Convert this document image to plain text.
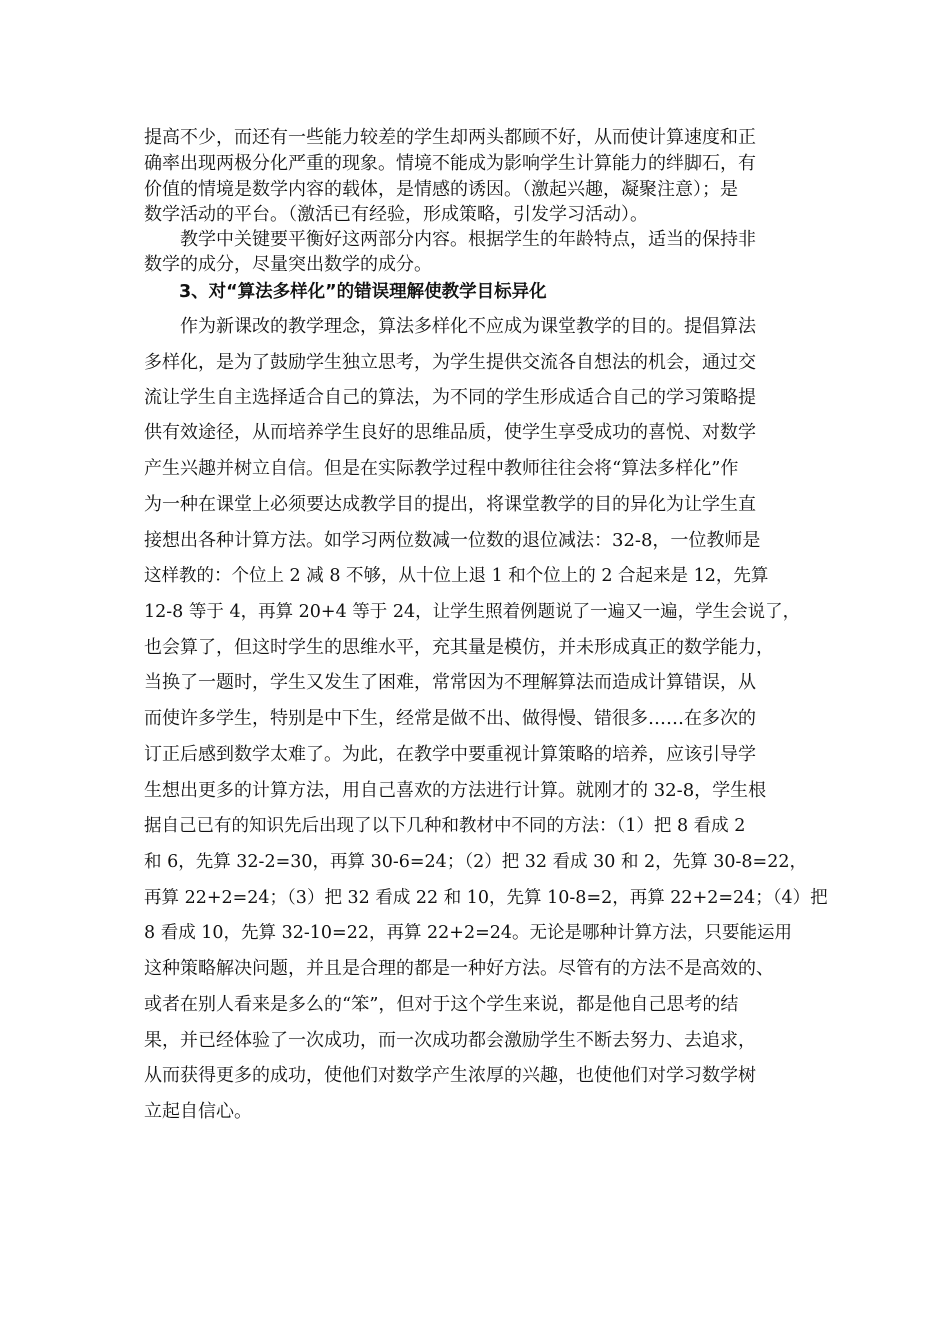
提高不少，而还有一些能力较差的学生却两头都顾不好，从而使计算速度和正
确率出现两极分化严重的现象。情境不能成为影响学生计算能力的绊脚石，有
价值的情境是数学内容的载体，是情感的诱因。（激起兴趣，凝聚注意）；是
数学活动的平台。（激活已有经验，形成策略，引发学习活动）。
　　教学中关键要平衡好这两部分内容。根据学生的年龄特点，适当的保持非
数学的成分，尽量突出数学的成分。
　　3、对“算法多样化”的错误理解使教学目标异化
　　作为新课改的教学理念，算法多样化不应成为课堂教学的目的。提倡算法
多样化，是为了鼓励学生独立思考，为学生提供交流各自想法的机会，通过交
流让学生自主选择适合自己的算法，为不同的学生形成适合自己的学习策略提
供有效途径，从而培养学生良好的思维品质，使学生享受成功的喜悦、对数学
产生兴趣并树立自信。但是在实际教学过程中教师往往会将“算法多样化”作
为一种在课堂上必须要达成教学目的提出，将课堂教学的目的异化为让学生直
接想出各种计算方法。如学习两位数减一位数的退位减法：32-8，一位教师是
这样教的：个位上 2 减 8 不够，从十位上退 1 和个位上的 2 合起来是 12，先算
12-8 等于 4，再算 20+4 等于 24，让学生照着例题说了一遍又一遍，学生会说了，
也会算了，但这时学生的思维水平，充其量是模仿，并未形成真正的数学能力，
当换了一题时，学生又发生了困难，常常因为不理解算法而造成计算错误，从
而使许多学生，特别是中下生，经常是做不出、做得慢、错很多……在多次的
订正后感到数学太难了。为此，在教学中要重视计算策略的培养，应该引导学
生想出更多的计算方法，用自己喜欢的方法进行计算。就刚才的 32-8，学生根
据自己已有的知识先后出现了以下几种和教材中不同的方法：（1）把 8 看成 2
和 6，先算 32-2=30，再算 30-6=24；（2）把 32 看成 30 和 2，先算 30-8=22，
再算 22+2=24；（3）把 32 看成 22 和 10，先算 10-8=2，再算 22+2=24；（4）把
8 看成 10，先算 32-10=22，再算 22+2=24。无论是哪种计算方法，只要能运用
这种策略解决问题，并且是合理的都是一种好方法。尽管有的方法不是高效的、
或者在别人看来是多么的“笨”，但对于这个学生来说，都是他自己思考的结
果，并已经体验了一次成功，而一次成功都会激励学生不断去努力、去追求，
从而获得更多的成功，使他们对数学产生浓厚的兴趣，也使他们对学习数学树
立起自信心。
